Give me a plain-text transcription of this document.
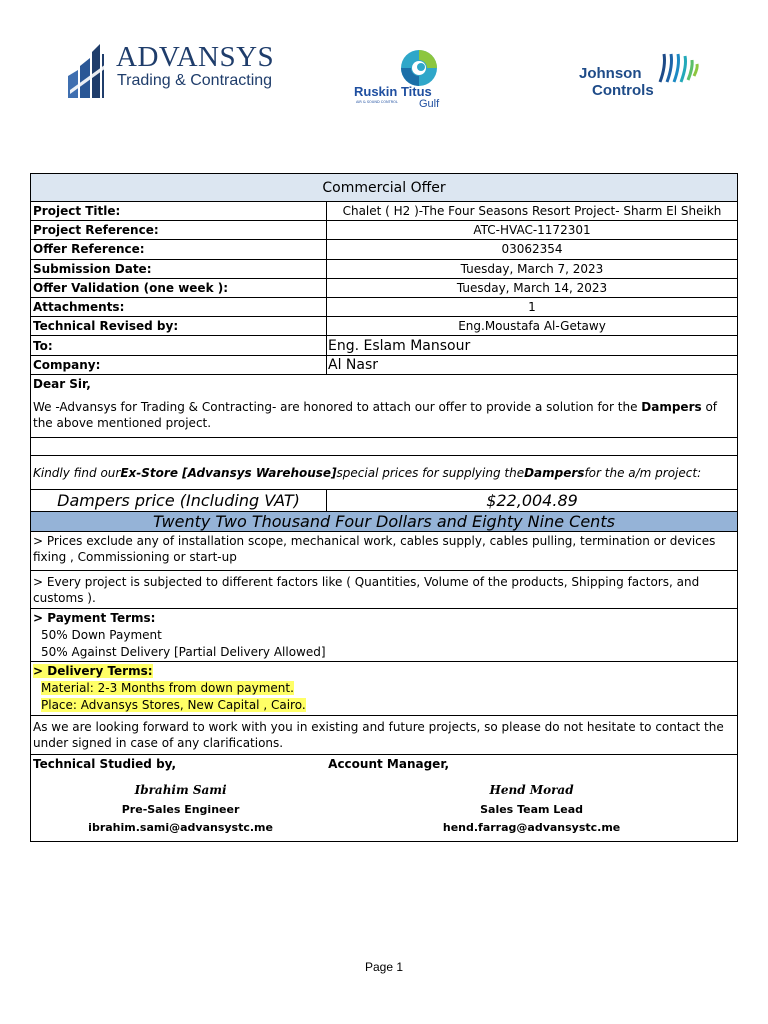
ADVANSYS
Trading & Contracting
Ruskin Titus
AIR & SOUND CONTROL Gulf
Johnson
Controls
Commercial Offer
Project Title:	Chalet ( H2 )-The Four Seasons Resort Project- Sharm El Sheikh
Project Reference:	ATC-HVAC-1172301
Offer Reference:	03062354
Submission Date:	Tuesday, March 7, 2023
Offer Validation (one week ):	Tuesday, March 14, 2023
Attachments:	1
Technical Revised by:	Eng.Moustafa Al-Getawy
To:	Eng. Eslam Mansour
Company:	Al Nasr
Dear Sir,
We -Advansys for Trading & Contracting- are honored to attach our offer to provide a solution for the Dampers of the above mentioned project.
Kindly find our Ex-Store [Advansys Warehouse] special prices for supplying the Dampers for the a/m project:
Dampers price (Including VAT)	$22,004.89
Twenty Two Thousand Four Dollars and Eighty Nine Cents
> Prices exclude any of installation scope, mechanical work, cables supply, cables pulling, termination or devices fixing , Commissioning or start-up
> Every project is subjected to different factors like ( Quantities, Volume of the products, Shipping factors, and customs ).
> Payment Terms:
50% Down Payment
50% Against Delivery [Partial Delivery Allowed]
> Delivery Terms:
Material: 2-3 Months from down payment.
Place: Advansys Stores, New Capital , Cairo.
As we are looking forward to work with you in existing and future projects, so please do not hesitate to contact the under signed in case of any clarifications.
Technical Studied by,
Ibrahim Sami
Pre-Sales Engineer
ibrahim.sami@advansystc.me
Account Manager,
Hend Morad
Sales Team Lead
hend.farrag@advansystc.me
Page 1
